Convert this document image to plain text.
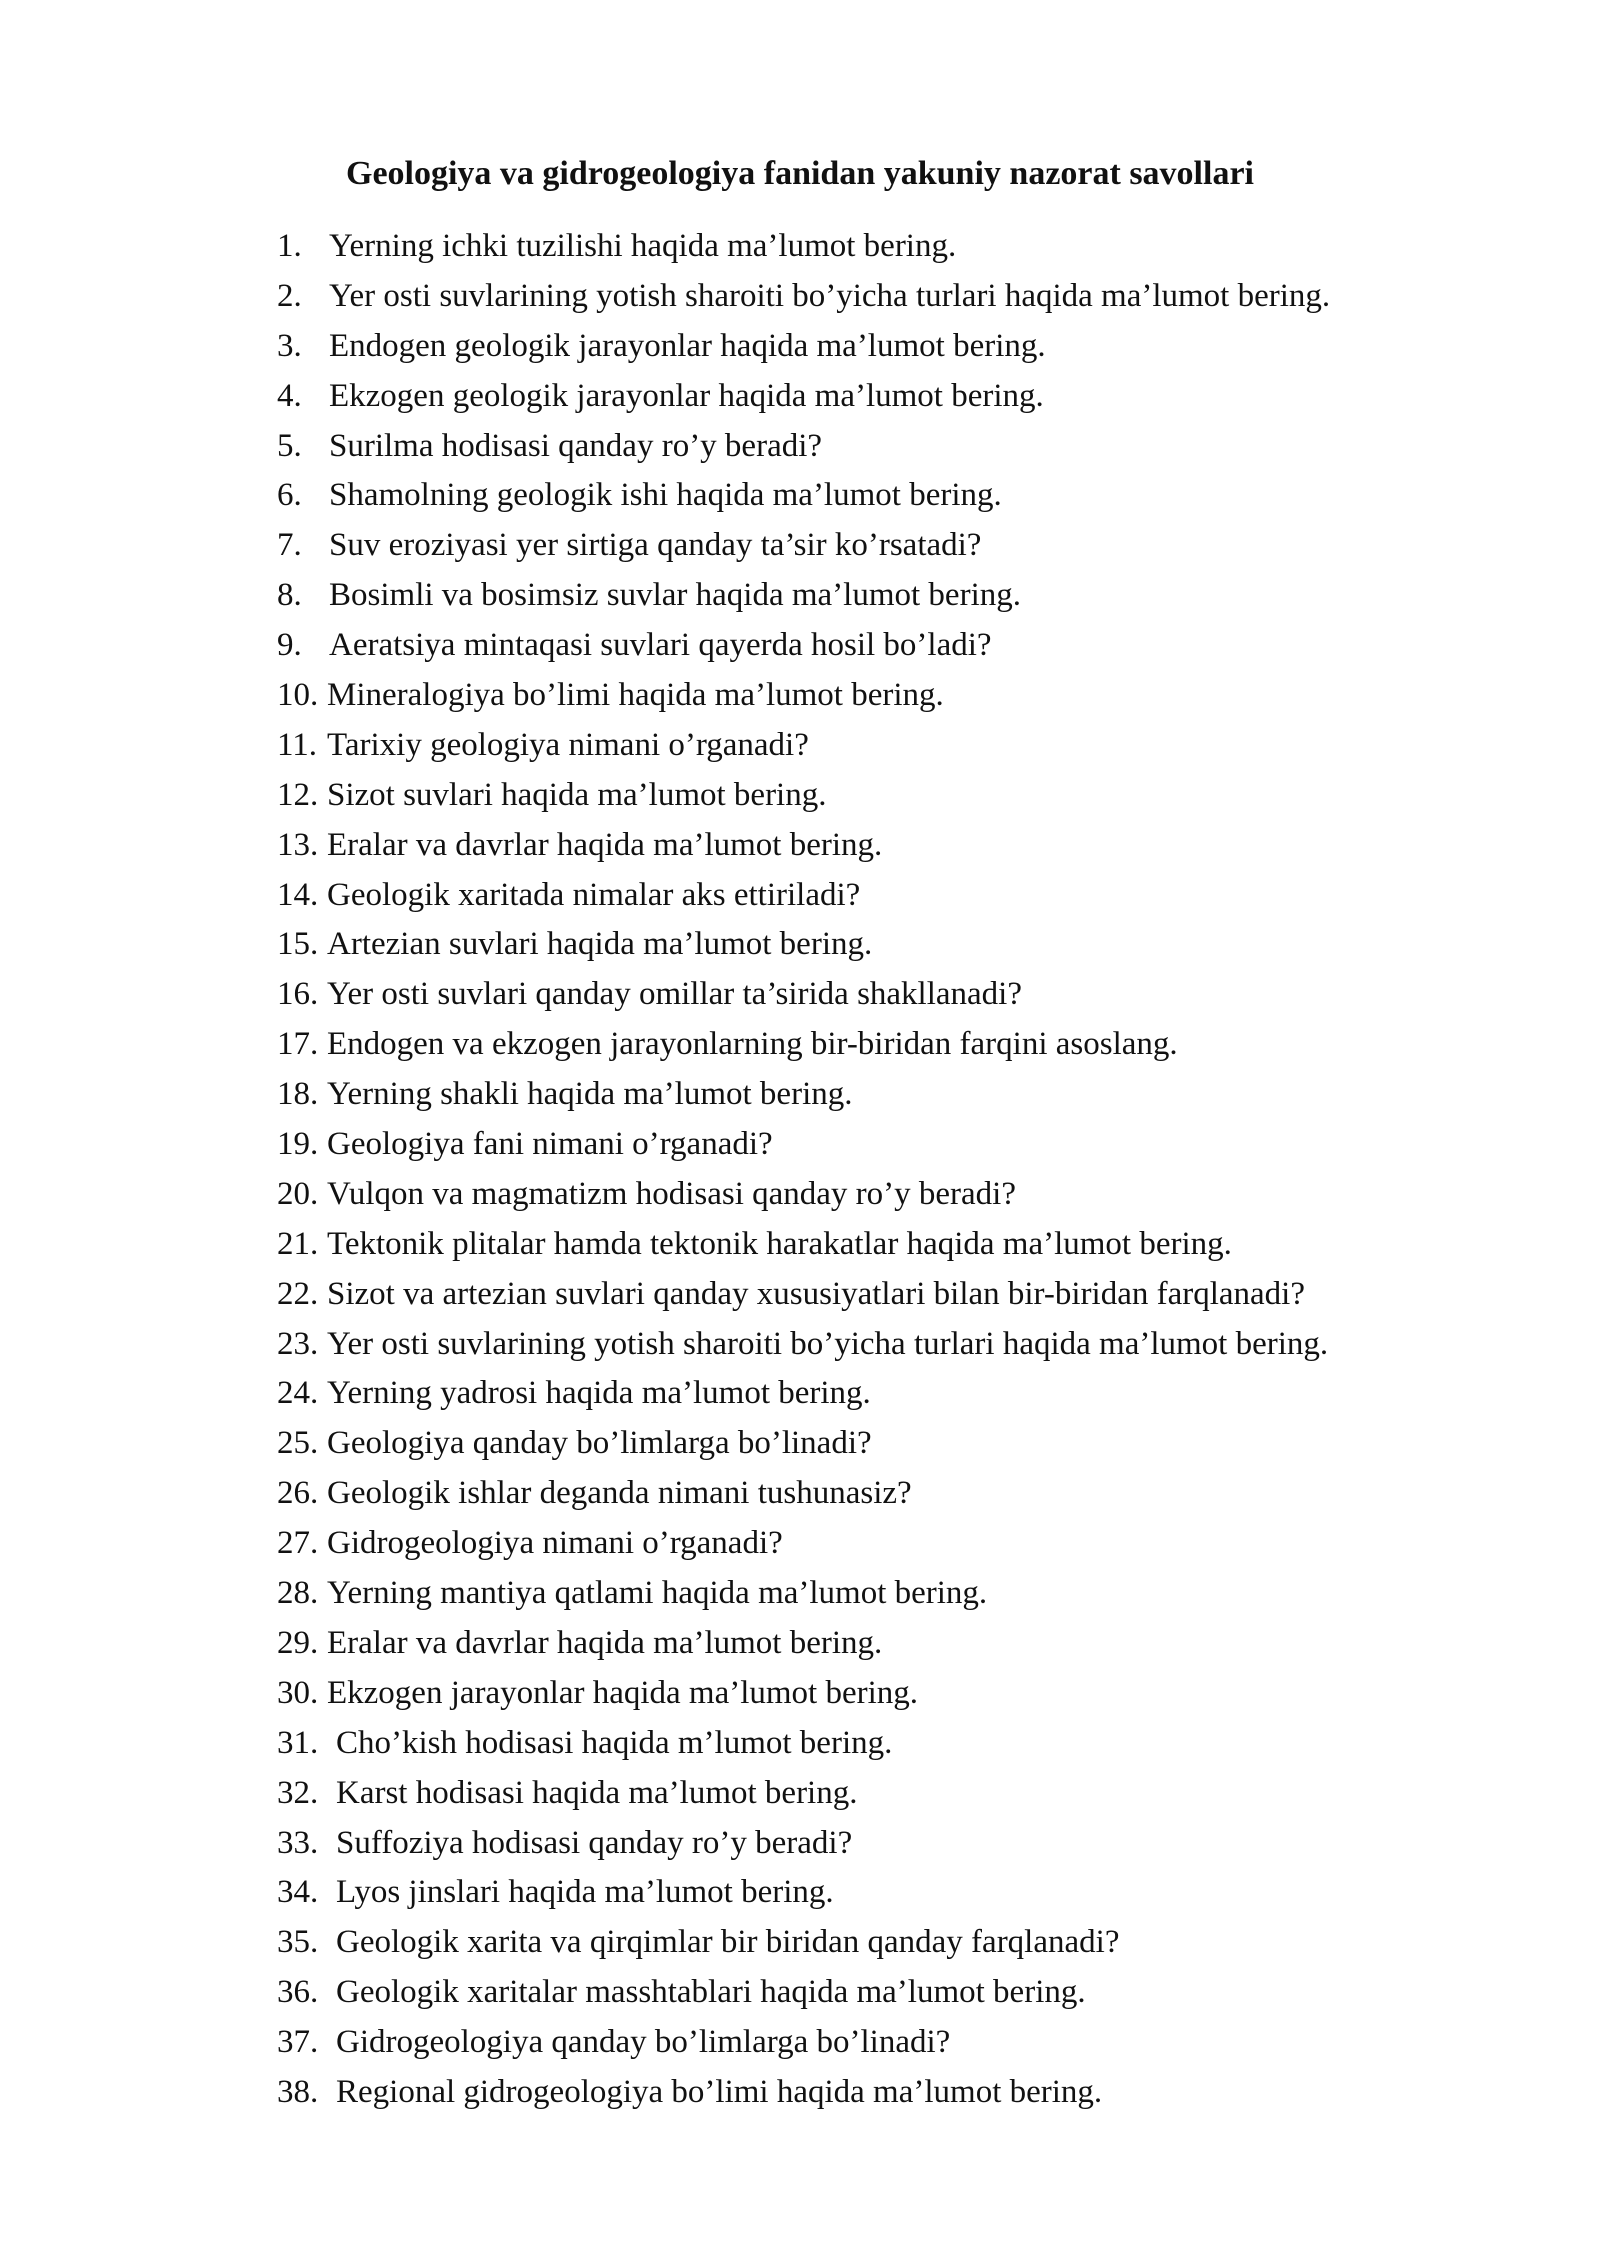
Geologiya va gidrogeologiya fanidan yakuniy nazorat savollari
1. Yerning ichki tuzilishi haqida ma’lumot bering.
2. Yer osti suvlarining yotish sharoiti bo’yicha turlari haqida ma’lumot bering.
3. Endogen geologik jarayonlar haqida ma’lumot bering.
4. Ekzogen geologik jarayonlar haqida ma’lumot bering.
5. Surilma hodisasi qanday ro’y beradi?
6. Shamolning geologik ishi haqida ma’lumot bering.
7. Suv eroziyasi yer sirtiga qanday ta’sir ko’rsatadi?
8. Bosimli va bosimsiz suvlar haqida ma’lumot bering.
9. Aeratsiya mintaqasi suvlari qayerda hosil bo’ladi?
10. Mineralogiya bo’limi haqida ma’lumot bering.
11. Tarixiy geologiya nimani o’rganadi?
12. Sizot suvlari haqida ma’lumot bering.
13. Eralar va davrlar haqida ma’lumot bering.
14. Geologik xaritada nimalar aks ettiriladi?
15. Artezian suvlari haqida ma’lumot bering.
16. Yer osti suvlari qanday omillar ta’sirida shakllanadi?
17. Endogen va ekzogen jarayonlarning bir-biridan farqini asoslang.
18. Yerning shakli haqida ma’lumot bering.
19. Geologiya fani nimani o’rganadi?
20. Vulqon va magmatizm hodisasi qanday ro’y beradi?
21. Tektonik plitalar hamda tektonik harakatlar haqida ma’lumot bering.
22. Sizot va artezian suvlari qanday xususiyatlari bilan bir-biridan farqlanadi?
23. Yer osti suvlarining yotish sharoiti bo’yicha turlari haqida ma’lumot bering.
24. Yerning yadrosi haqida ma’lumot bering.
25. Geologiya qanday bo’limlarga bo’linadi?
26. Geologik ishlar deganda nimani tushunasiz?
27. Gidrogeologiya nimani o’rganadi?
28. Yerning mantiya qatlami haqida ma’lumot bering.
29. Eralar va davrlar haqida ma’lumot bering.
30. Ekzogen jarayonlar haqida ma’lumot bering.
31. Cho’kish hodisasi haqida m’lumot bering.
32. Karst hodisasi haqida ma’lumot bering.
33. Suffoziya hodisasi qanday ro’y beradi?
34. Lyos jinslari haqida ma’lumot bering.
35. Geologik xarita va qirqimlar bir biridan qanday farqlanadi?
36. Geologik xaritalar masshtablari haqida ma’lumot bering.
37. Gidrogeologiya qanday bo’limlarga bo’linadi?
38. Regional gidrogeologiya bo’limi haqida ma’lumot bering.
